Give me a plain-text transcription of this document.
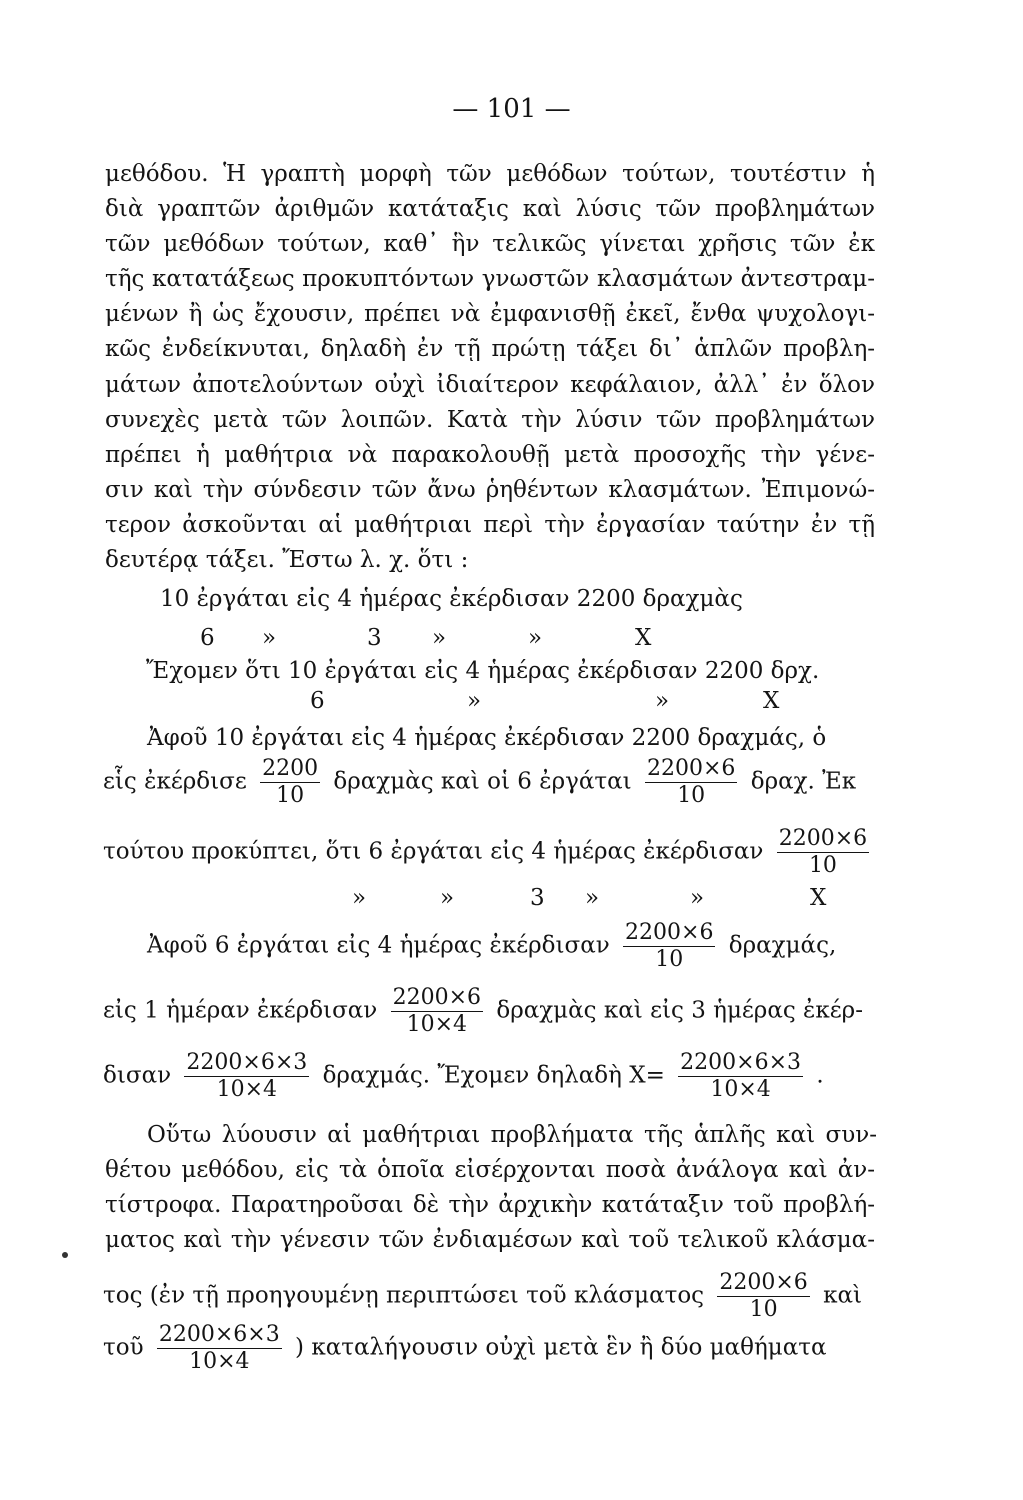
— 101 —
μεθόδου. Ἡ γραπτὴ μορφὴ τῶν μεθόδων τούτων, τουτέστιν ἡ
διὰ γραπτῶν ἀριθμῶν κατάταξις καὶ λύσις τῶν προβλημάτων
τῶν μεθόδων τούτων, καθ᾽ ἣν τελικῶς γίνεται χρῆσις τῶν ἐκ
τῆς κατατάξεως προκυπτόντων γνωστῶν κλασμάτων ἀντεστραμ-
μένων ἢ ὡς ἔχουσιν, πρέπει νὰ ἐμφανισθῇ ἐκεῖ, ἔνθα ψυχολογι-
κῶς ἐνδείκνυται, δηλαδὴ ἐν τῇ πρώτῃ τάξει δι᾽ ἁπλῶν προβλη-
μάτων ἀποτελούντων οὐχὶ ἰδιαίτερον κεφάλαιον, ἀλλ᾽ ἐν ὅλον
συνεχὲς μετὰ τῶν λοιπῶν. Κατὰ τὴν λύσιν τῶν προβλημάτων
πρέπει ἡ μαθήτρια νὰ παρακολουθῇ μετὰ προσοχῆς τὴν γένε-
σιν καὶ τὴν σύνδεσιν τῶν ἄνω ῥηθέντων κλασμάτων. Ἐπιμονώ-
τερον ἀσκοῦνται αἱ μαθήτριαι περὶ τὴν ἐργασίαν ταύτην ἐν τῇ
δευτέρᾳ τάξει. Ἔστω λ. χ. ὅτι :
10 ἐργάται εἰς 4 ἡμέρας ἐκέρδισαν 2200 δραχμὰς
6 »	3 »	»	X
Ἔχομεν ὅτι 10 ἐργάται εἰς 4 ἡμέρας ἐκέρδισαν 2200 δρχ.
6	»	»	X
Ἀφοῦ 10 ἐργάται εἰς 4 ἡμέρας ἐκέρδισαν 2200 δραχμάς, ὁ
εἷς ἐκέρδισε $\frac{2200}{10}$ δραχμὰς καὶ οἱ 6 ἐργάται $\frac{2200\times 6}{10} \delta\rho\alpha\chi$. Ἐκ
τούτου προκύπτει, ὅτι 6 ἐργάται εἰς 4 ἡμέρας ἐκέρδισαν $\frac{2200\times 6}{10}$
»	»	3 »	»	X
Ἀφοῦ 6 ἐργάται εἰς 4 ἡμέρας ἐκέρδισαν $\frac{2200\times 6}{10} \delta\rho\alpha\chi\mu ά\varsigma$,
εἰς 1 ἡμέραν ἐκέρδισαν $\frac{2200\times 6}{10\times 4}$ δραχμὰς καὶ εἰς 3 ἡμέρας ἐκέρ-
δισαν $\frac{2200\times 6\times 3}{10\times 4} \delta\rho\alpha\chi\mu ά\varsigma$. Ἔχομεν δηλαδὴ $X= \frac{2200\times 6\times 3}{10\times 4}$ .
Οὕτω λύουσιν αἱ μαθήτριαι προβλήματα τῆς ἁπλῆς καὶ συν-
θέτου μεθόδου, εἰς τὰ ὁποῖα εἰσέρχονται ποσὰ ἀνάλογα καὶ ἀν-
τίστροφα. Παρατηροῦσαι δὲ τὴν ἀρχικὴν κατάταξιν τοῦ προβλή-
ματος καὶ τὴν γένεσιν τῶν ἐνδιαμέσων καὶ τοῦ τελικοῦ κλάσμα-
τος (ἐν τῇ προηγουμένῃ περιπτώσει τοῦ κλάσματος $\frac{2200\times 6}{10}$ καὶ
τοῦ $\frac{2200\times 6\times 3}{10\times 4}$ ) καταλήγουσιν οὐχὶ μετὰ ἓν ἢ δύο μαθήματα
